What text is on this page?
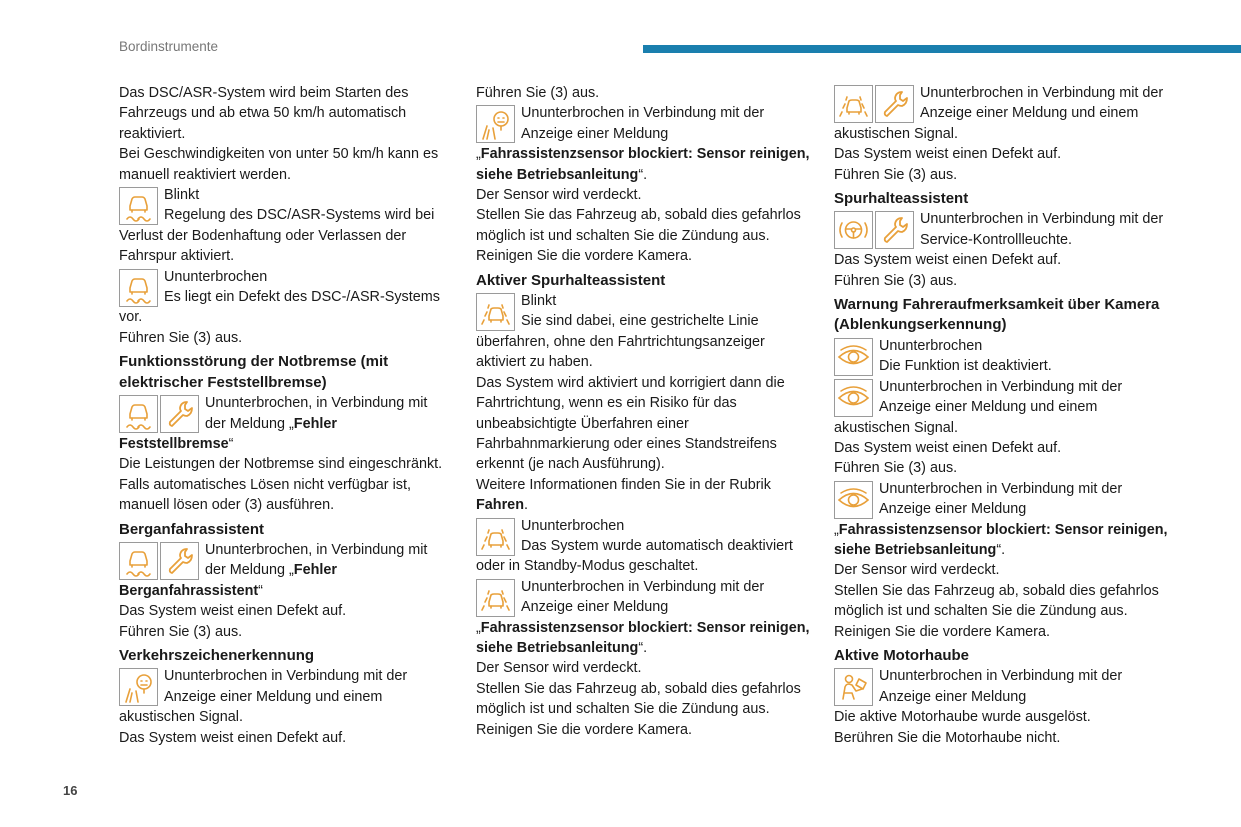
Bordinstrumente
16

Das DSC/ASR-System wird beim Starten des Fahrzeugs und ab etwa 50 km/h automatisch reaktiviert.

Bei Geschwindigkeiten von unter 50 km/h kann es manuell reaktiviert werden.

Blinkt
Regelung des DSC/ASR-Systems wird bei Verlust der Bodenhaftung oder Verlassen der Fahrspur aktiviert.

Ununterbrochen
Es liegt ein Defekt des DSC-/ASR-Systems vor.

Führen Sie (3) aus.

Funktionsstörung der Notbremse (mit elektrischer Feststellbremse)

Ununterbrochen, in Verbindung mit der Meldung „Fehler Feststellbremse“

Die Leistungen der Notbremse sind eingeschränkt.

Falls automatisches Lösen nicht verfügbar ist, manuell lösen oder (3) ausführen.

Berganfahrassistent

Ununterbrochen, in Verbindung mit der Meldung „Fehler Berganfahrassistent“

Das System weist einen Defekt auf.

Führen Sie (3) aus.

Verkehrszeichenerkennung

Ununterbrochen in Verbindung mit der Anzeige einer Meldung und einem akustischen Signal.

Das System weist einen Defekt auf.

Führen Sie (3) aus.

Ununterbrochen in Verbindung mit der Anzeige einer Meldung „Fahrassistenzsensor blockiert: Sensor reinigen, siehe Betriebsanleitung“.

Der Sensor wird verdeckt.

Stellen Sie das Fahrzeug ab, sobald dies gefahrlos möglich ist und schalten Sie die Zündung aus.

Reinigen Sie die vordere Kamera.

Aktiver Spurhalteassistent

Blinkt
Sie sind dabei, eine gestrichelte Linie überfahren, ohne den Fahrtrichtungsanzeiger aktiviert zu haben.

Das System wird aktiviert und korrigiert dann die Fahrtrichtung, wenn es ein Risiko für das unbeabsichtigte Überfahren einer Fahrbahnmarkierung oder eines Standstreifens erkennt (je nach Ausführung).

Weitere Informationen finden Sie in der Rubrik Fahren.

Ununterbrochen
Das System wurde automatisch deaktiviert oder in Standby-Modus geschaltet.

Ununterbrochen in Verbindung mit der Anzeige einer Meldung „Fahrassistenzsensor blockiert: Sensor reinigen, siehe Betriebsanleitung“.

Der Sensor wird verdeckt.

Stellen Sie das Fahrzeug ab, sobald dies gefahrlos möglich ist und schalten Sie die Zündung aus.

Reinigen Sie die vordere Kamera.

Ununterbrochen in Verbindung mit der Anzeige einer Meldung und einem akustischen Signal.

Das System weist einen Defekt auf.

Führen Sie (3) aus.

Spurhalteassistent

Ununterbrochen in Verbindung mit der Service-Kontrollleuchte.

Das System weist einen Defekt auf.

Führen Sie (3) aus.

Warnung Fahreraufmerksamkeit über Kamera (Ablenkungserkennung)

Ununterbrochen
Die Funktion ist deaktiviert.

Ununterbrochen in Verbindung mit der Anzeige einer Meldung und einem akustischen Signal.

Das System weist einen Defekt auf.

Führen Sie (3) aus.

Ununterbrochen in Verbindung mit der Anzeige einer Meldung „Fahrassistenzsensor blockiert: Sensor reinigen, siehe Betriebsanleitung“.

Der Sensor wird verdeckt.

Stellen Sie das Fahrzeug ab, sobald dies gefahrlos möglich ist und schalten Sie die Zündung aus.

Reinigen Sie die vordere Kamera.

Aktive Motorhaube

Ununterbrochen in Verbindung mit der Anzeige einer Meldung

Die aktive Motorhaube wurde ausgelöst.

Berühren Sie die Motorhaube nicht.
